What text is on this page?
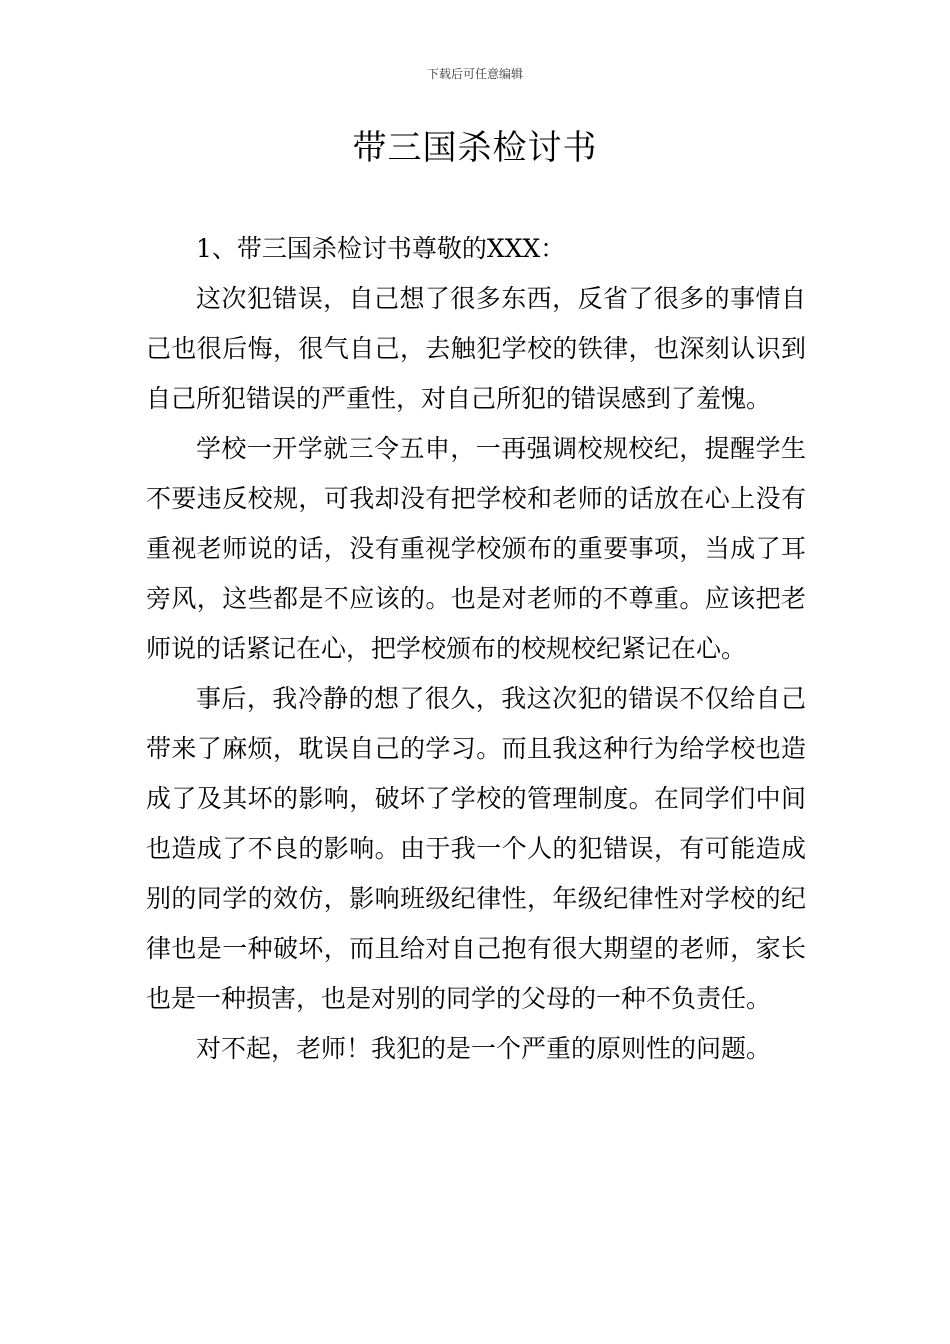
下载后可任意编辑
带三国杀检讨书

1、带三国杀检讨书尊敬的XXX：

这次犯错误，自己想了很多东西，反省了很多的事情自己也很后悔，很气自己，去触犯学校的铁律，也深刻认识到自己所犯错误的严重性，对自己所犯的错误感到了羞愧。

学校一开学就三令五申，一再强调校规校纪，提醒学生不要违反校规，可我却没有把学校和老师的话放在心上没有重视老师说的话，没有重视学校颁布的重要事项，当成了耳旁风，这些都是不应该的。也是对老师的不尊重。应该把老师说的话紧记在心，把学校颁布的校规校纪紧记在心。

事后，我冷静的想了很久，我这次犯的错误不仅给自己带来了麻烦，耽误自己的学习。而且我这种行为给学校也造成了及其坏的影响，破坏了学校的管理制度。在同学们中间也造成了不良的影响。由于我一个人的犯错误，有可能造成别的同学的效仿，影响班级纪律性，年级纪律性对学校的纪律也是一种破坏，而且给对自己抱有很大期望的老师，家长也是一种损害，也是对别的同学的父母的一种不负责任。

对不起，老师！我犯的是一个严重的原则性的问题。
